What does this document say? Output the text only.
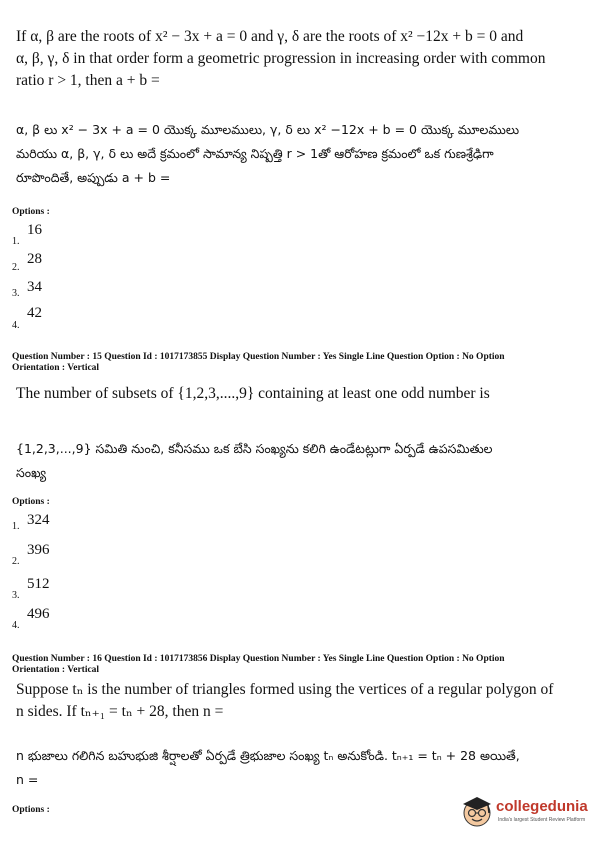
If α, β are the roots of x² − 3x + a = 0 and γ, δ are the roots of x² −12x + b = 0 and
α, β, γ, δ in that order form a geometric progression in increasing order with common
ratio r > 1, then a + b =
α, β లు x² − 3x + a = 0 యొక్క మూలములు, γ, δ లు x² −12x + b = 0 యొక్క మూలములు
మరియు α, β, γ, δ లు అదే క్రమంలో సామాన్య నిష్పత్తి r > 1తో ఆరోహణ క్రమంలో ఒక గుణశ్రేఢిగా
రూపొందితే, అప్పుడు a + b =
Options :
1.
16
2.
28
3. 34
4.
42
Question Number : 15 Question Id : 1017173855 Display Question Number : Yes Single Line Question Option : No Option
Orientation : Vertical
The number of subsets of {1,2,3,....,9} containing at least one odd number is
{1,2,3,...,9} సమితి నుంచి, కనీసము ఒక బేసి సంఖ్యను కలిగి ఉండేటట్లుగా ఏర్పడే ఉపసమితుల
సంఖ్య
Options :
1. 324
2.
396
3.
512
4.
496
Question Number : 16 Question Id : 1017173856 Display Question Number : Yes Single Line Question Option : No Option
Orientation : Vertical
Suppose tₙ is the number of triangles formed using the vertices of a regular polygon of
n sides. If tₙ₊₁ = tₙ + 28, then n =
n భుజాలు గలిగిన బహుభుజి శీర్షాలతో ఏర్పడే త్రిభుజాల సంఖ్య tₙ అనుకోండి. tₙ₊₁ = tₙ + 28 అయితే,
n =
Options :	collegedunia
India's largest Student Review Platform
